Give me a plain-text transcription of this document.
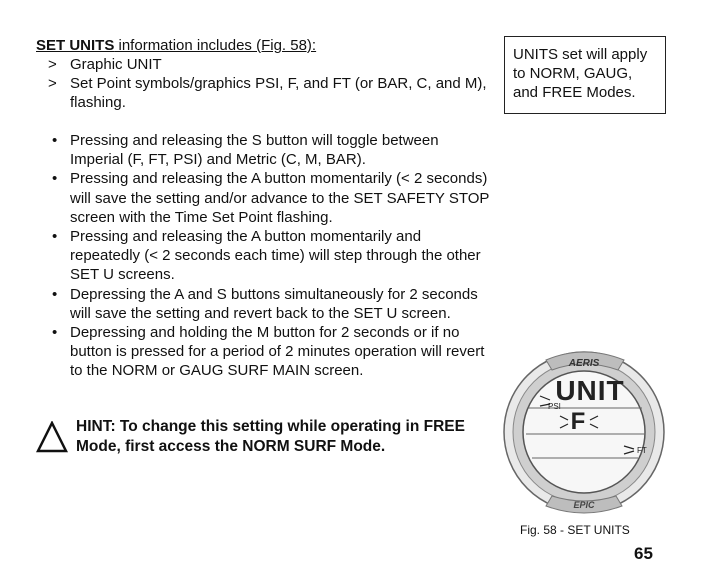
SET UNITS information includes (Fig. 58):
> Graphic UNIT
> Set Point symbols/graphics PSI, F, and FT (or BAR, C, and M), flashing.
• Pressing and releasing the S button will toggle between Imperial (F, FT, PSI) and Metric (C, M, BAR).
• Pressing and releasing the A button momentarily (< 2 seconds) will save the setting and/or advance to the SET SAFETY STOP screen with the Time Set Point flashing.
• Pressing and releasing the A button momentarily and repeatedly (< 2 seconds each time) will step through the other SET U screens.
• Depressing the A and S buttons simultaneously for 2 seconds will save the setting and revert back to the SET U screen.
• Depressing and holding the M button for 2 seconds or if no button is pressed for a period of 2 minutes operation will revert to the NORM or GAUG SURF MAIN screen.
UNITS set will apply to NORM, GAUG, and FREE Modes.
HINT: To change this setting while operating in FREE Mode, first access the NORM SURF Mode.
AERIS
EPIC
UNIT
PSI
F
FT
Fig. 58 - SET UNITS
65
